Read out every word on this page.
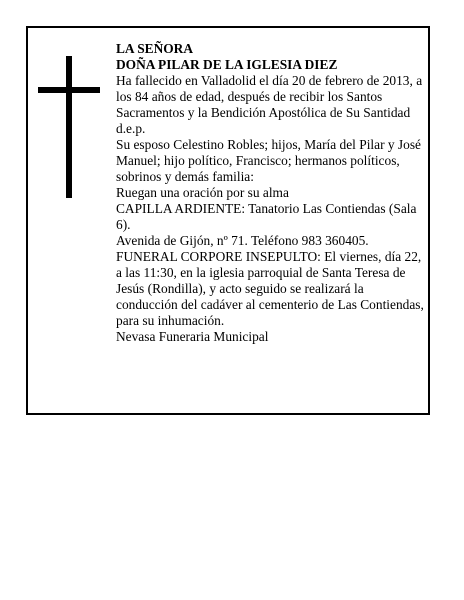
LA SEÑORA

DOÑA PILAR DE LA IGLESIA DIEZ

Ha fallecido en Valladolid el día 20 de febrero de 2013, a los 84 años de edad, después de recibir los Santos Sacramentos y la Bendición Apostólica de Su Santidad d.e.p.

Su esposo Celestino Robles; hijos, María del Pilar y José Manuel; hijo político, Francisco; hermanos políticos, sobrinos y demás familia:

Ruegan una oración por su alma

CAPILLA ARDIENTE: Tanatorio Las Contiendas (Sala 6).

Avenida de Gijón, nº 71. Teléfono 983 360405.

FUNERAL CORPORE INSEPULTO: El viernes, día 22, a las 11:30, en la iglesia parroquial de Santa Teresa de Jesús (Rondilla), y acto seguido se realizará la conducción del cadáver al cementerio de Las Contiendas, para su inhumación.

Nevasa Funeraria Municipal
